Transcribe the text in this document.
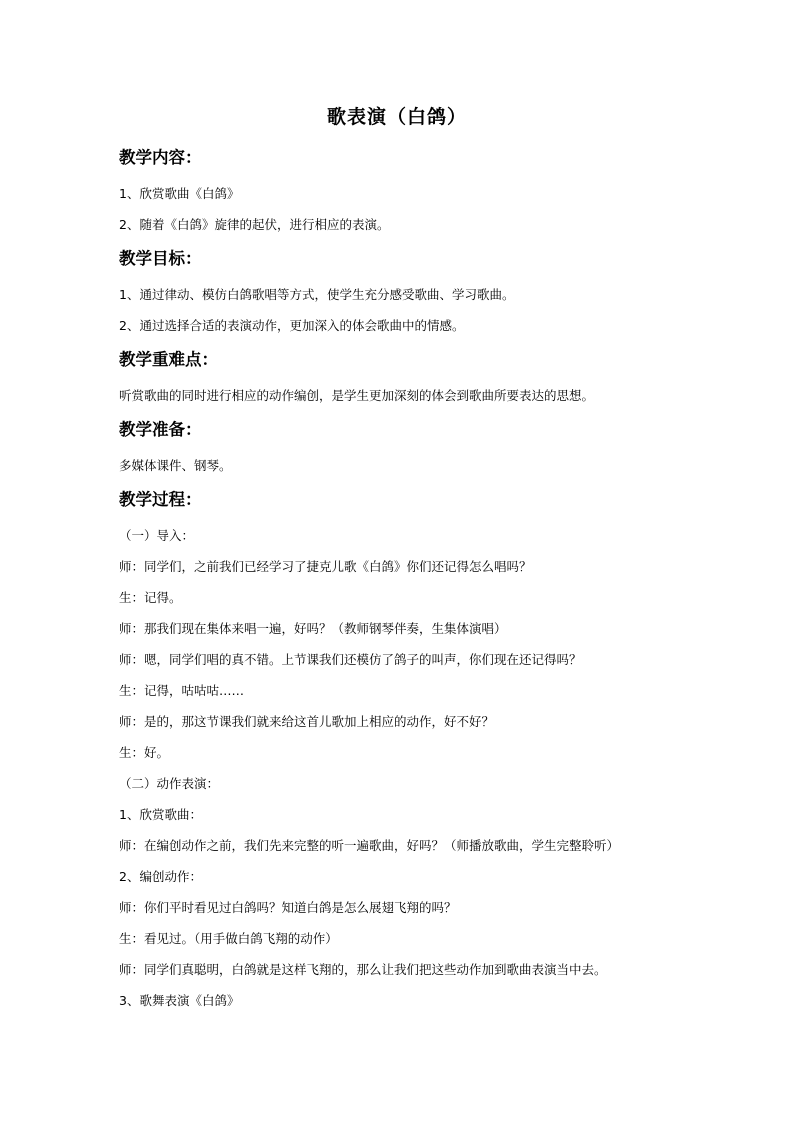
歌表演（白鸽）
教学内容：
1、欣赏歌曲《白鸽》
2、随着《白鸽》旋律的起伏，进行相应的表演。
教学目标：
1、通过律动、模仿白鸽歌唱等方式，使学生充分感受歌曲、学习歌曲。
2、通过选择合适的表演动作，更加深入的体会歌曲中的情感。
教学重难点：
听赏歌曲的同时进行相应的动作编创，是学生更加深刻的体会到歌曲所要表达的思想。
教学准备：
多媒体课件、钢琴。
教学过程：
（一）导入：
师：同学们，之前我们已经学习了捷克儿歌《白鸽》你们还记得怎么唱吗？
生：记得。
师：那我们现在集体来唱一遍，好吗？（教师钢琴伴奏，生集体演唱）
师：嗯，同学们唱的真不错。上节课我们还模仿了鸽子的叫声，你们现在还记得吗？
生：记得，咕咕咕……
师：是的，那这节课我们就来给这首儿歌加上相应的动作，好不好？
生：好。
（二）动作表演：
1、欣赏歌曲：
师：在编创动作之前，我们先来完整的听一遍歌曲，好吗？（师播放歌曲，学生完整聆听）
2、编创动作：
师：你们平时看见过白鸽吗？知道白鸽是怎么展翅飞翔的吗？
生：看见过。（用手做白鸽飞翔的动作）
师：同学们真聪明，白鸽就是这样飞翔的，那么让我们把这些动作加到歌曲表演当中去。
3、歌舞表演《白鸽》
